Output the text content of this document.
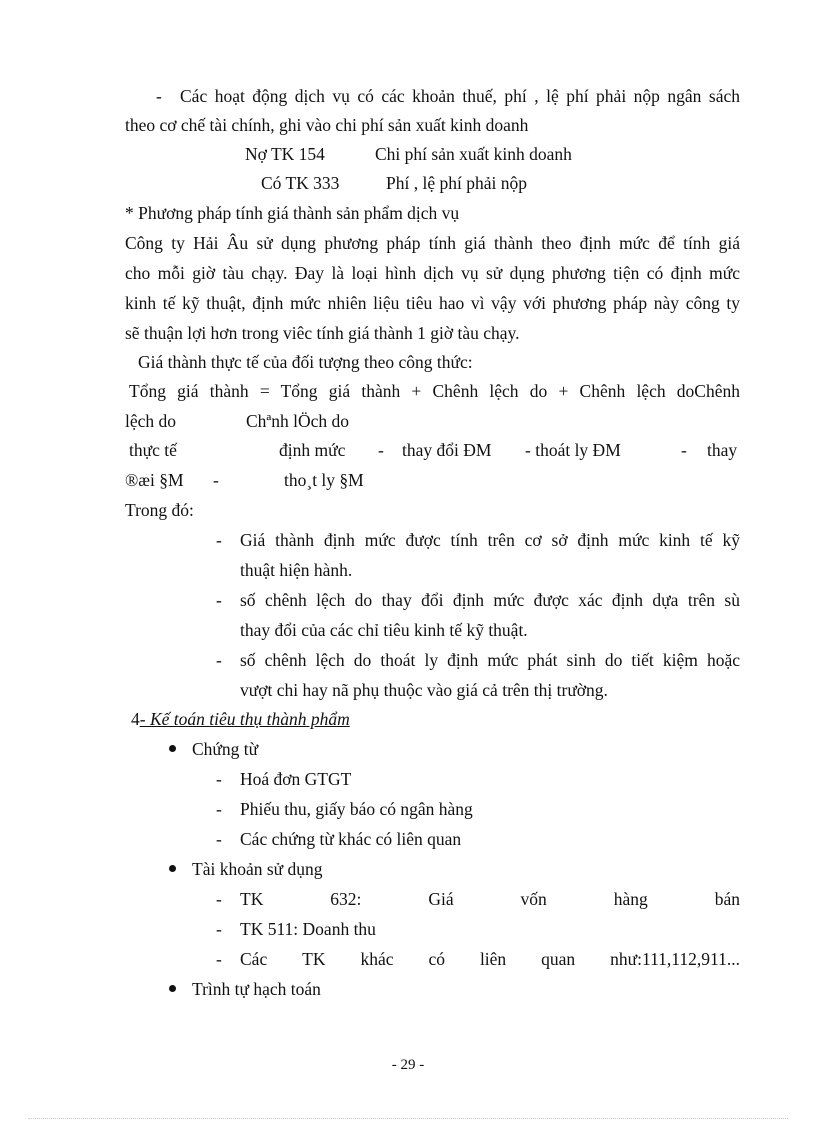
- Các hoạt động dịch vụ có các khoản thuế, phí , lệ phí phải nộp ngân sách
theo cơ chế tài chính, ghi vào chi phí sản xuất kinh doanh
Nợ TK 154	Chi phí sản xuất kinh doanh
Có TK 333	Phí , lệ phí phải nộp
* Phương pháp tính giá thành sản phẩm dịch vụ
Công ty Hải Âu sử dụng phương pháp tính giá thành theo định mức để tính giá
cho mỗi giờ tàu chạy. Đay là loại hình dịch vụ sử dụng phương tiện có định mức
kinh tế kỹ thuật, định mức nhiên liệu tiêu hao vì vậy với phương pháp này công ty
sẽ thuận lợi hơn trong viêc tính giá thành 1 giờ tàu chạy.
Giá thành thực tế của đối tượng theo công thức:
Tổng giá thành = Tổng giá thành + Chênh lệch do + Chênh lệch doChênh
lệch do	Chªnh lÖch do
thực tế	định mức - thay đổi ĐM - thoát ly ĐM	- thay
®æi §M -	tho¸t ly §M
Trong đó:
- Giá thành định mức được tính trên cơ sở định mức kinh tế kỹ
thuật hiện hành.
- số chênh lệch do thay đổi định mức được xác định dựa trên sù
thay đổi của các chỉ tiêu kinh tế kỹ thuật.
- số chênh lệch do thoát ly định mức phát sinh do tiết kiệm hoặc
vượt chi hay nã phụ thuộc vào giá cả trên thị trường.
4- Kế toán tiêu thụ thành phẩm
Chứng từ
- Hoá đơn GTGT
- Phiếu thu, giấy báo có ngân hàng
- Các chứng từ khác có liên quan
Tài khoản sử dụng
- TK	632:	Giá	vốn	hàng	bán
- TK 511: Doanh thu
- Các TK khác có liên quan như:111,112,911...
Trình tự hạch toán
- 29 -
